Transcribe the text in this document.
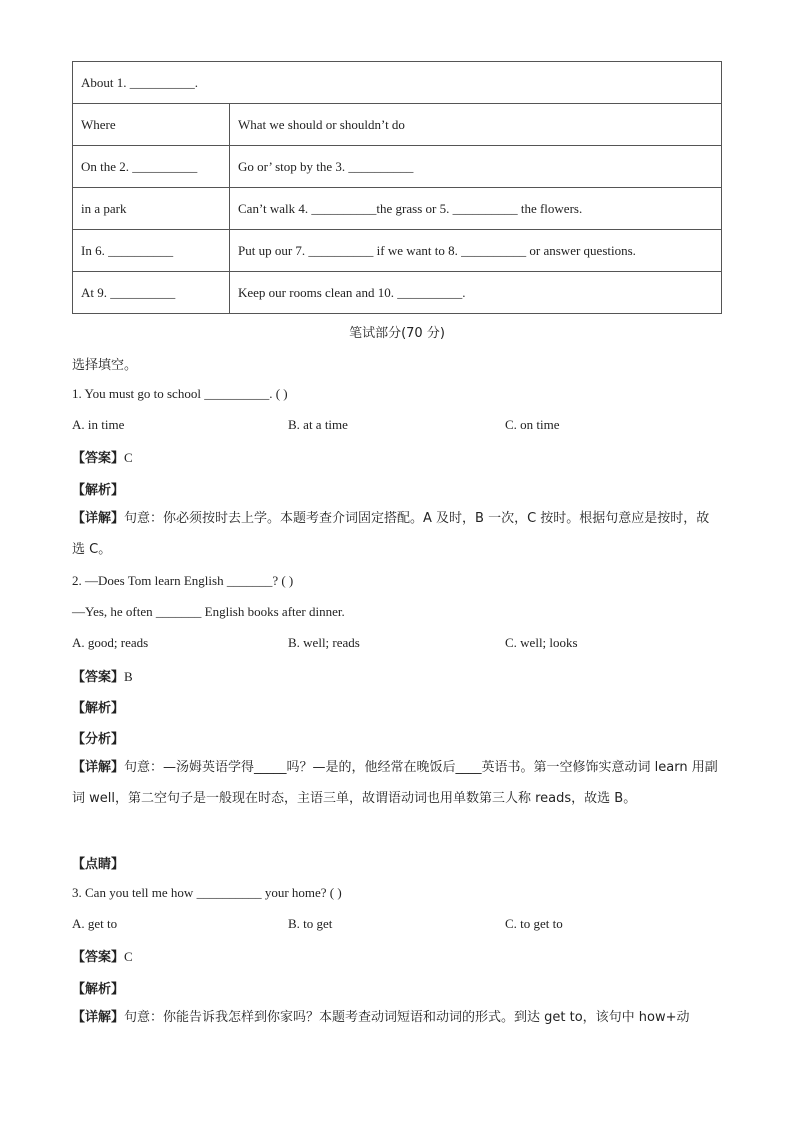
About 1. __________.	
Where	What we should or shouldn’t do
On the 2. __________	Go or’ stop by the 3. __________
in a park	Can’t walk 4. __________the grass or 5. __________ the flowers.
In 6. __________	Put up our 7. __________ if we want to 8. __________ or answer questions.
At 9. __________	Keep our rooms clean and 10. __________.
笔试部分(70 分)
选择填空。
1. You must go to school __________. ( )
A. in time	B. at a time	C. on time
【答案】C
【解析】
【详解】句意：你必须按时去上学。本题考查介词固定搭配。A 及时，B 一次，C 按时。根据句意应是按时，故选 C。
2. —Does Tom learn English _______? ( )
—Yes, he often _______ English books after dinner.
A. good; reads	B. well; reads	C. well; looks
【答案】B
【解析】
【分析】
【详解】句意：—汤姆英语学得_____吗？—是的，他经常在晚饭后____英语书。第一空修饰实意动词 learn 用副词 well，第二空句子是一般现在时态，主语三单，故谓语动词也用单数第三人称 reads，故选 B。
【点睛】
3. Can you tell me how __________ your home? ( )
A. get to	B. to get	C. to get to
【答案】C
【解析】
【详解】句意：你能告诉我怎样到你家吗？本题考查动词短语和动词的形式。到达 get to，该句中 how+动
